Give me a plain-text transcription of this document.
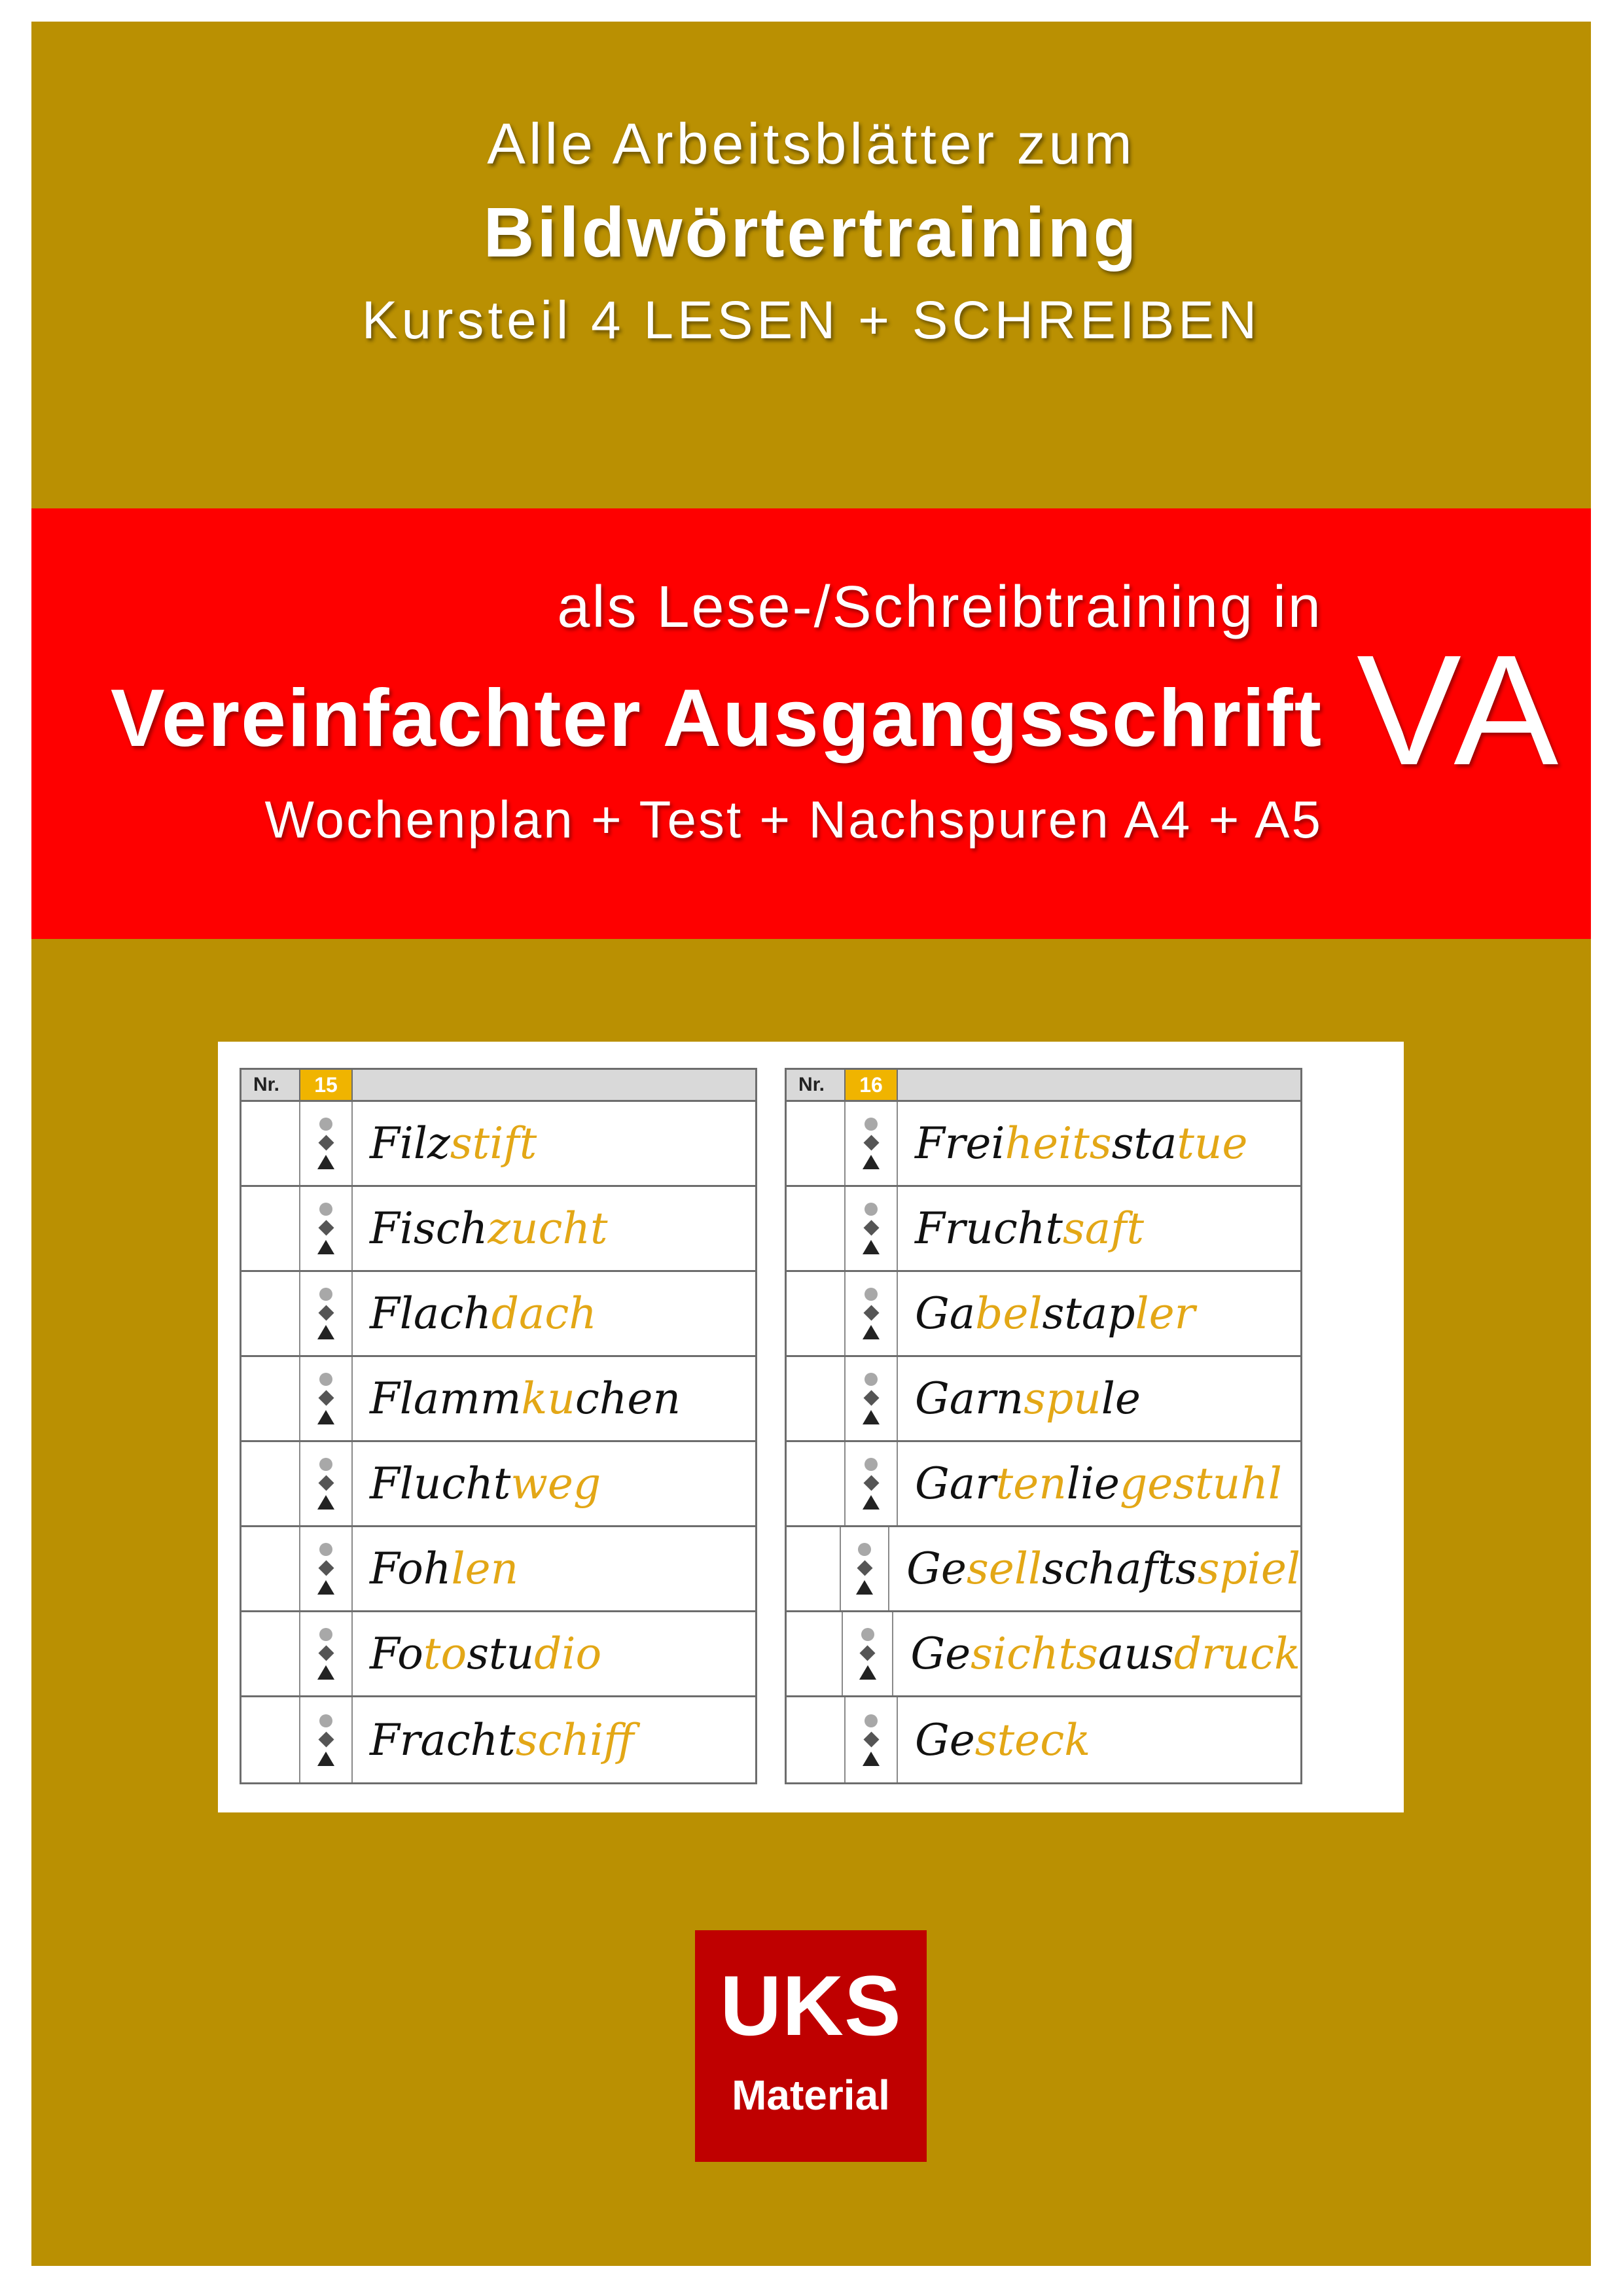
Alle Arbeitsblätter zum
Bildwörtertraining
Kursteil 4 LESEN + SCHREIBEN
als Lese-/Schreibtraining in
Vereinfachter Ausgangsschrift
Wochenplan + Test + Nachspuren A4 + A5
VA
Nr.	15
Filz stift
Fisch zucht
Flach dach
Flamm ku chen
Flucht weg
Foh len
Fo to stu dio
Fracht schiff
Nr.	16
Frei heits sta tue
Frucht saft
Ga bel stap ler
Garn spu le
Gar ten lie gestuhl
Ge sell schafts spiel
Ge sichts aus druck
Ge steck
UKS
Material
